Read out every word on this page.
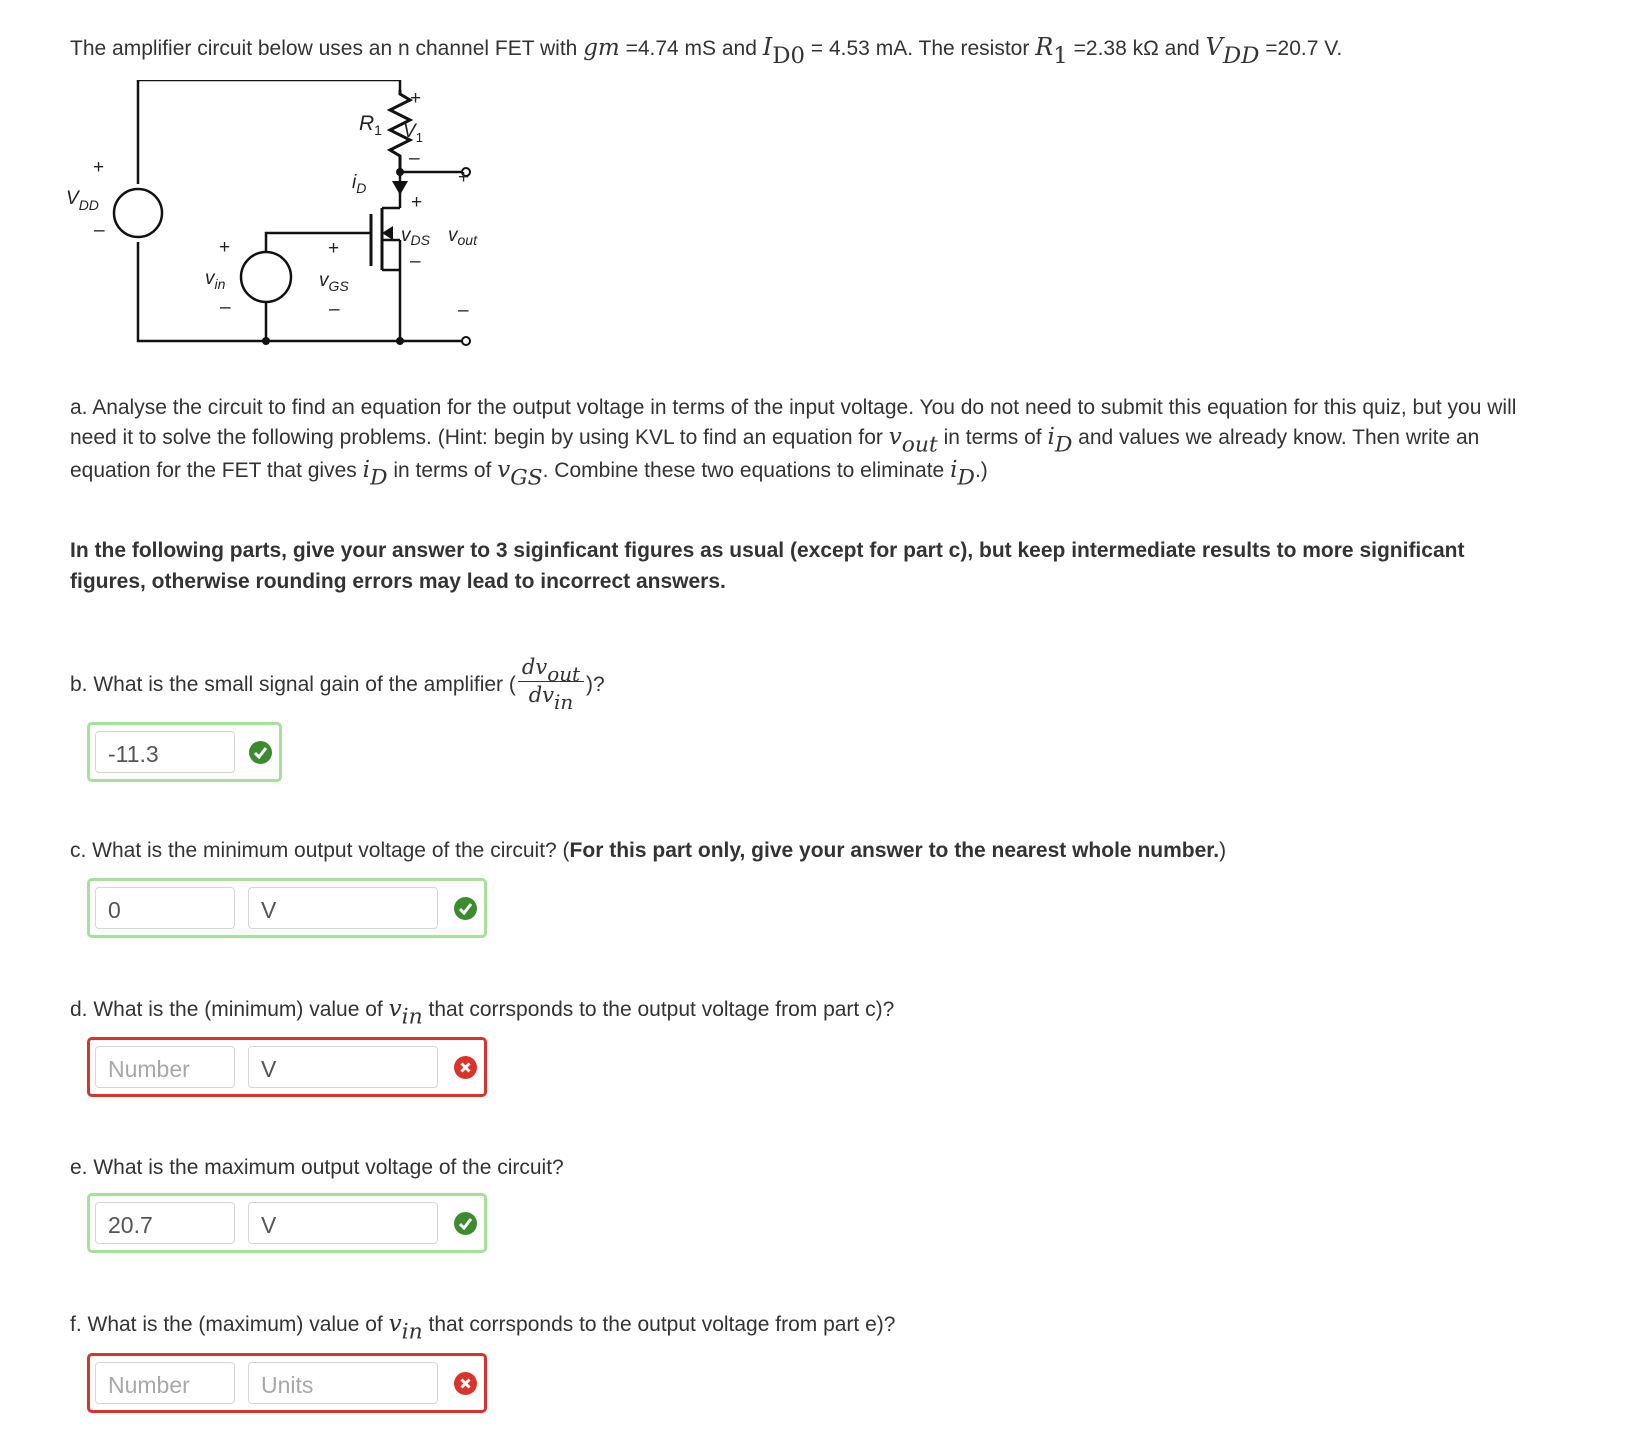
The amplifier circuit below uses an n channel FET with gm =4.74 mS and $I_{D0} = 4.53$ mA. The resistor $R_1 =2.38$ kΩ and $V_{DD} =20.7$ V.
$R_1$
+
$V_1$
–
+
$i_D$
+
$V_{DD}$
–
+
$v_{DS}$ $v_{out}$
–
+
$v_{in}$
–
+
$v_{GS}$
–	–
a. Analyse the circuit to find an equation for the output voltage in terms of the input voltage. You do not need to submit this equation for this quiz, but you will
need it to solve the following problems. (Hint: begin by using KVL to find an equation for $v_{out}$ in terms of $i_D$ and values we already know. Then write an
equation for the FET that gives $i_D$ in terms of $v_{GS}$. Combine these two equations to eliminate $i_D$.)
In the following parts, give your answer to 3 siginficant figures as usual (except for part c), but keep intermediate results to more significant
figures, otherwise rounding errors may lead to incorrect answers.
b. What is the small signal gain of the amplifier ( $\frac{dv_{out}}{dv_{in}}$ )?
-11.3
c. What is the minimum output voltage of the circuit? (For this part only, give your answer to the nearest whole number.)
0	V
d. What is the (minimum) value of $v_{in}$ that corrsponds to the output voltage from part c)?
Number	V
e. What is the maximum output voltage of the circuit?
20.7	V
f. What is the (maximum) value of $v_{in}$ that corrsponds to the output voltage from part e)?
Number	Units
